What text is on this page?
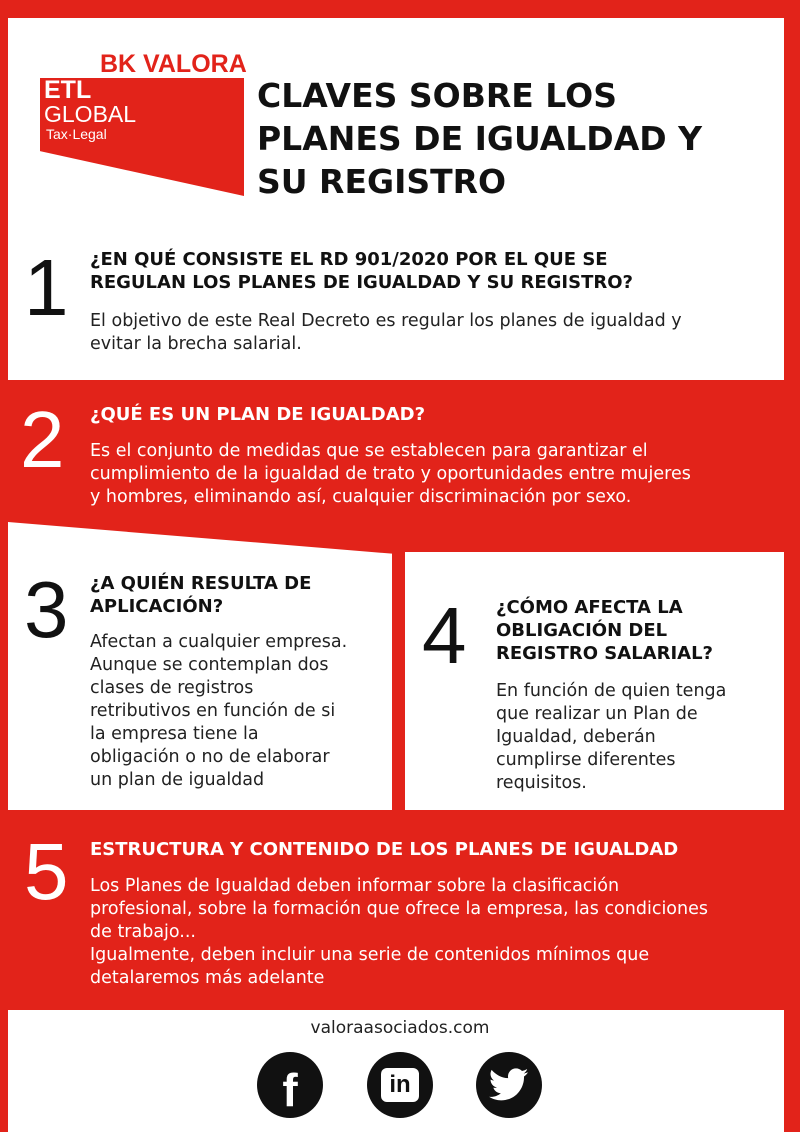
BK VALORA
ETL
GLOBAL
Tax·Legal
CLAVES SOBRE LOS
PLANES DE IGUALDAD Y
SU REGISTRO
1 ¿EN QUÉ CONSISTE EL RD 901/2020 POR EL QUE SE
REGULAN LOS PLANES DE IGUALDAD Y SU REGISTRO?

El objetivo de este Real Decreto es regular los planes de igualdad y
evitar la brecha salarial.

2 ¿QUÉ ES UN PLAN DE IGUALDAD?

Es el conjunto de medidas que se establecen para garantizar el
cumplimiento de la igualdad de trato y oportunidades entre mujeres
y hombres, eliminando así, cualquier discriminación por sexo.

3 ¿A QUIÉN RESULTA DE
APLICACIÓN?

Afectan a cualquier empresa.
Aunque se contemplan dos
clases de registros
retributivos en función de si
la empresa tiene la
obligación o no de elaborar
un plan de igualdad

4 ¿CÓMO AFECTA LA
OBLIGACIÓN DEL
REGISTRO SALARIAL?

En función de quien tenga
que realizar un Plan de
Igualdad, deberán
cumplirse diferentes
requisitos.

5 ESTRUCTURA Y CONTENIDO DE LOS PLANES DE IGUALDAD

Los Planes de Igualdad deben informar sobre la clasificación
profesional, sobre la formación que ofrece la empresa, las condiciones
de trabajo...
Igualmente, deben incluir una serie de contenidos mínimos que
detalaremos más adelante

valoraasociados.com
f	in
